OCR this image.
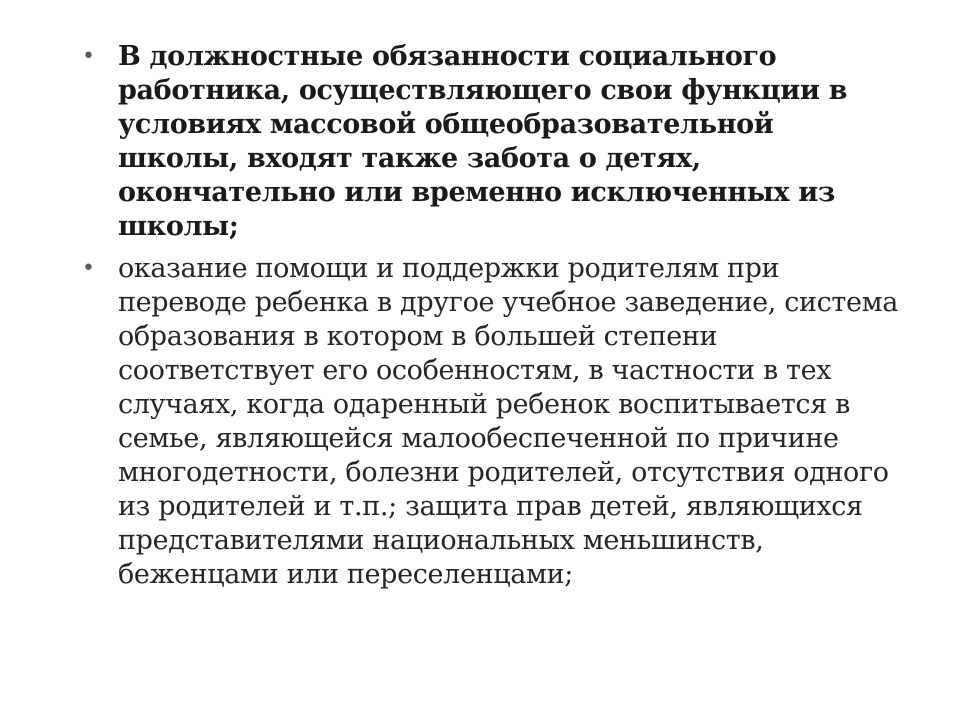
• В должностные обязанности социального работника, осуществляющего свои функции в условиях массовой общеобразовательной школы, входят также забота о детях, окончательно или временно исключенных из школы;
• оказание помощи и поддержки родителям при переводе ребенка в другое учебное заведение, система образования в котором в большей степени соответствует его особенностям, в частности в тех случаях, когда одаренный ребенок воспитывается в семье, являющейся малообеспеченной по причине многодетности, болезни родителей, отсутствия одного из родителей и т.п.; защита прав детей, являющихся представителями национальных меньшинств, беженцами или переселенцами;
